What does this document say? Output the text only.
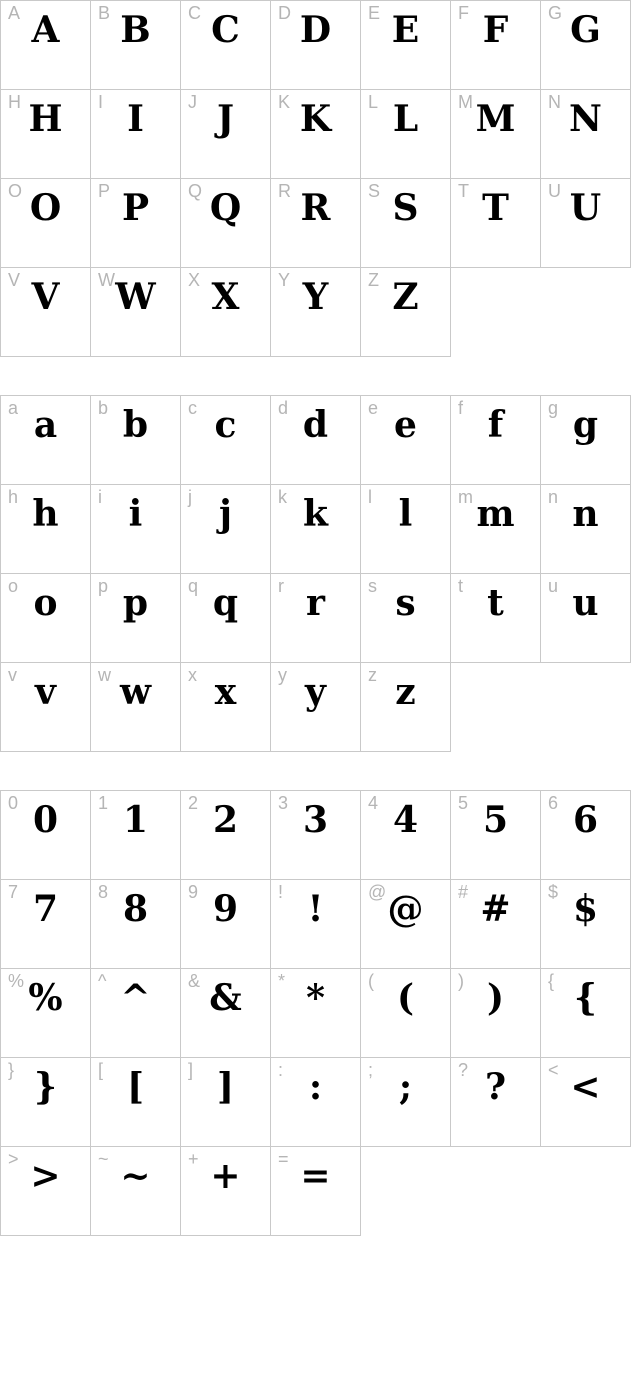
A A	B B	C C	D D	E E	F F	G G

H H	I I	J J	K K	L L	M M	N N

O O	P P	Q Q	R R	S S	T T	U U

V V	W W	X X	Y Y	Z Z		
a a	b b	c c	d d	e e	f f	g g

h h	i i	j j	k k	l l	m m	n n

o o	p p	q q	r r	s s	t t	u u

v v	w w	x x	y y	z z		
0 0	1 1	2 2	3 3	4 4	5 5	6 6

7 7	8 8	9 9	! !	@ @	# #	$ $

% %	^ ^	& &	* *	( (	) )	{ {

} }	[ [	] ]	: :	; ;	? ?	< <

> >	~ ~	+ +	= =			
